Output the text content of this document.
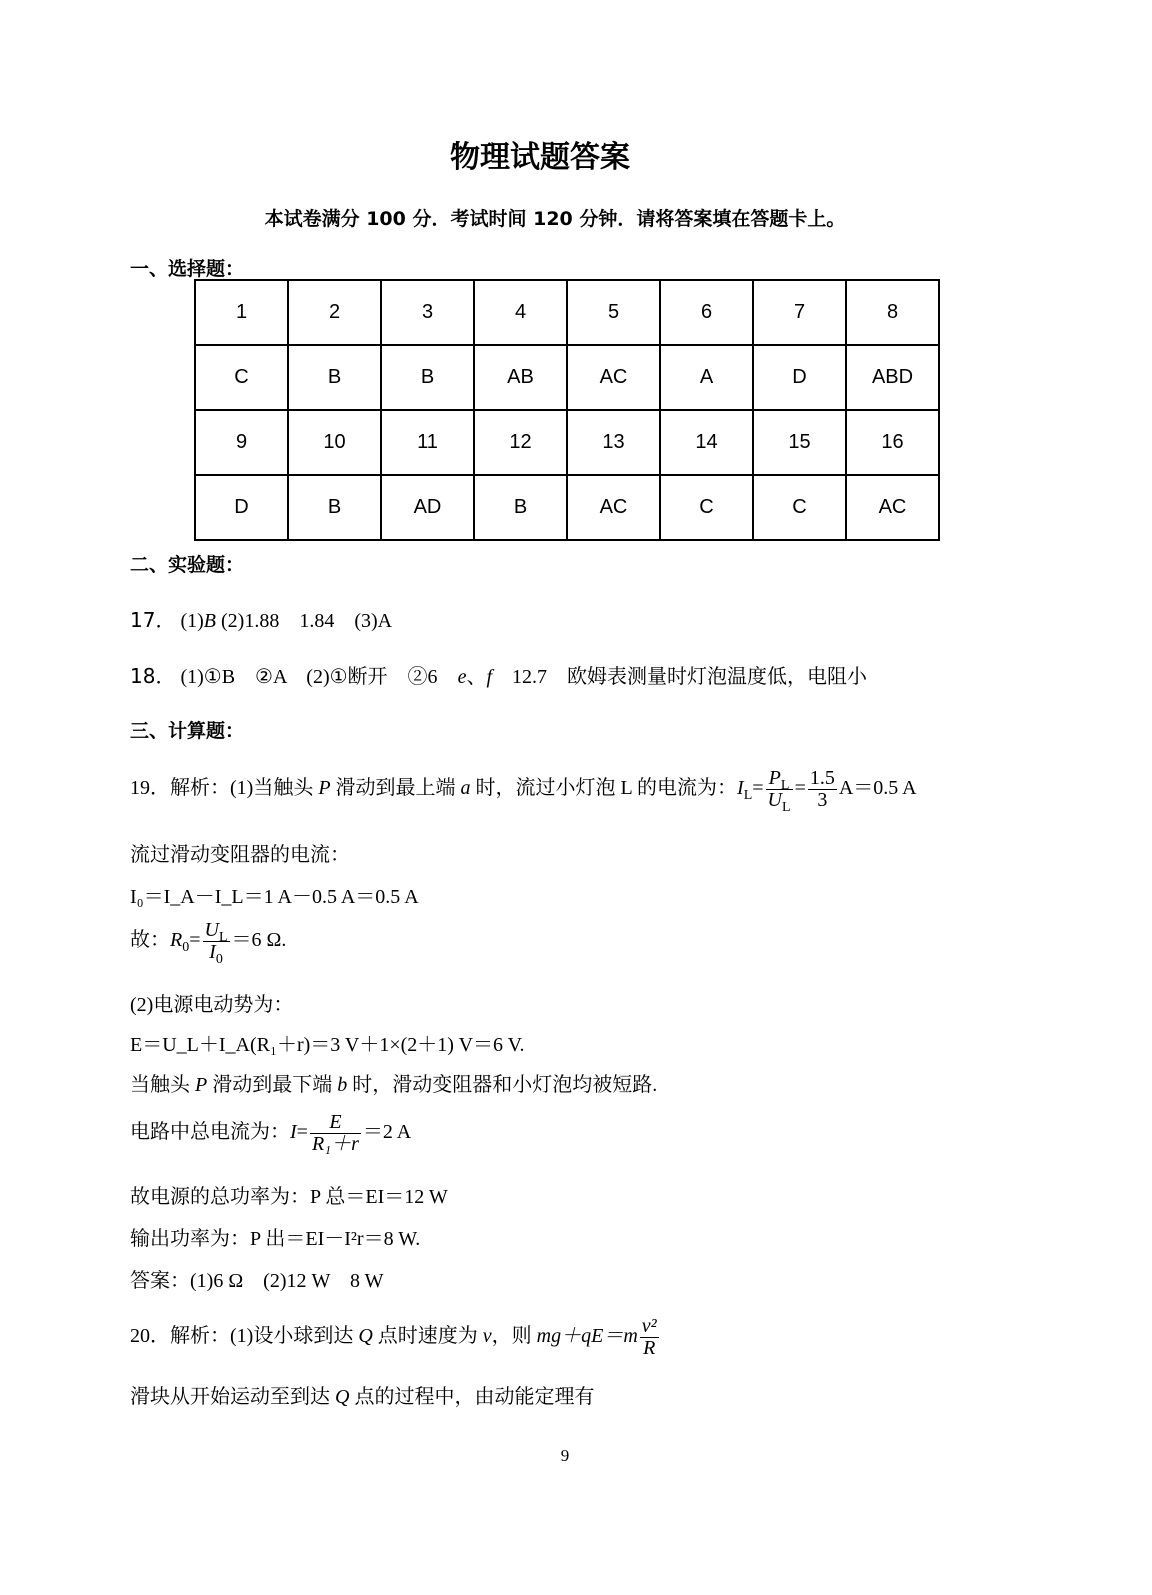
物理试题答案
本试卷满分 100 分．考试时间 120 分钟．请将答案填在答题卡上。
一、选择题：
1	2	3	4	5	6	7	8
C	B	B	AB	AC	A	D	ABD
9	10	11	12	13	14	15	16
D	B	AD	B	AC	C	C	AC
二、实验题：
17． (1)B (2)1.88　1.84　(3)A
18． (1)①B　②A　(2)①断开　②6　e、f　12.7　欧姆表测量时灯泡温度低，电阻小
三、计算题：
19．解析：(1)当触头 P 滑动到最上端 a 时，流过小灯泡 L 的电流为：$I_L= \frac{P_L}{U_L} = \frac{1.5}{3} A=0.5$ A
流过滑动变阻器的电流：
I₀＝I_A－I_L＝1 A－0.5 A＝0.5 A
故：$R_0= \frac{U_L}{I_0} =6$ Ω.
(2)电源电动势为：
E＝U_L＋I_A(R₁＋r)＝3 V＋1×(2＋1) V＝6 V.
当触头 P 滑动到最下端 b 时，滑动变阻器和小灯泡均被短路.
电路中总电流为：$I= \frac{E}{\text{R₁＋r}} =2$ A
故电源的总功率为：P 总＝EI＝12 W
输出功率为：P 出＝EI－I²r＝8 W.
答案：(1)6 Ω　(2)12 W　8 W
20．解析：(1)设小球到达 Q 点时速度为 v，则 $mg+qE=m \frac{\text{v²}}{R}$
滑块从开始运动至到达 Q 点的过程中，由动能定理有
9
